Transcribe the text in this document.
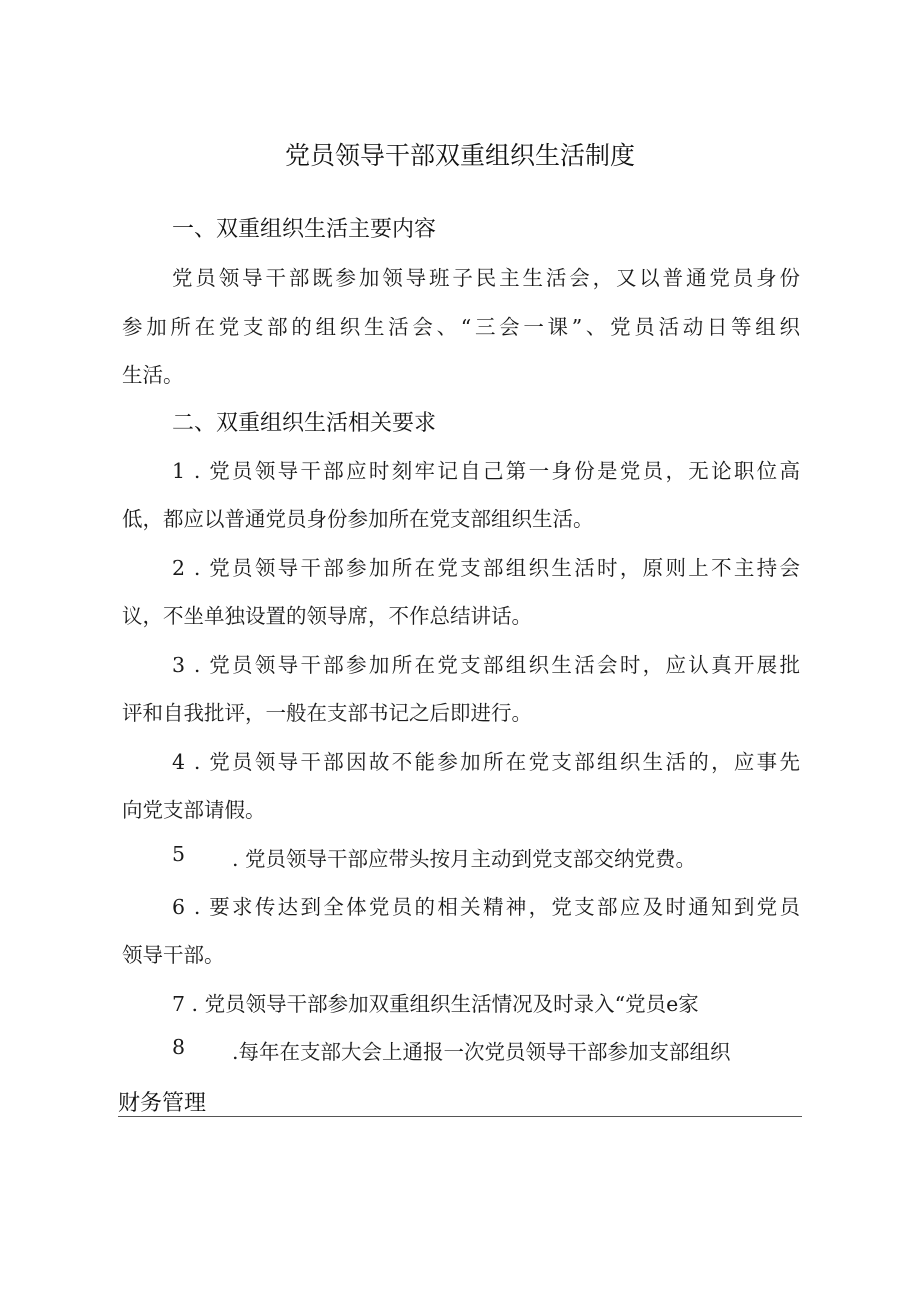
党员领导干部双重组织生活制度
一、双重组织生活主要内容
党员领导干部既参加领导班子民主生活会，又以普通党员身份
参加所在党支部的组织生活会、“三会一课”、党员活动日等组织
生活。
二、双重组织生活相关要求
1 . 党员领导干部应时刻牢记自己第一身份是党员，无论职位高
低，都应以普通党员身份参加所在党支部组织生活。
2 . 党员领导干部参加所在党支部组织生活时，原则上不主持会
议，不坐单独设置的领导席，不作总结讲话。
3 . 党员领导干部参加所在党支部组织生活会时，应认真开展批
评和自我批评，一般在支部书记之后即进行。
4 . 党员领导干部因故不能参加所在党支部组织生活的，应事先
向党支部请假。
5 . 党员领导干部应带头按月主动到党支部交纳党费。
6 . 要求传达到全体党员的相关精神，党支部应及时通知到党员
领导干部。
7 . 党员领导干部参加双重组织生活情况及时录入“党员e家
8 .每年在支部大会上通报一次党员领导干部参加支部组织
财务管理
